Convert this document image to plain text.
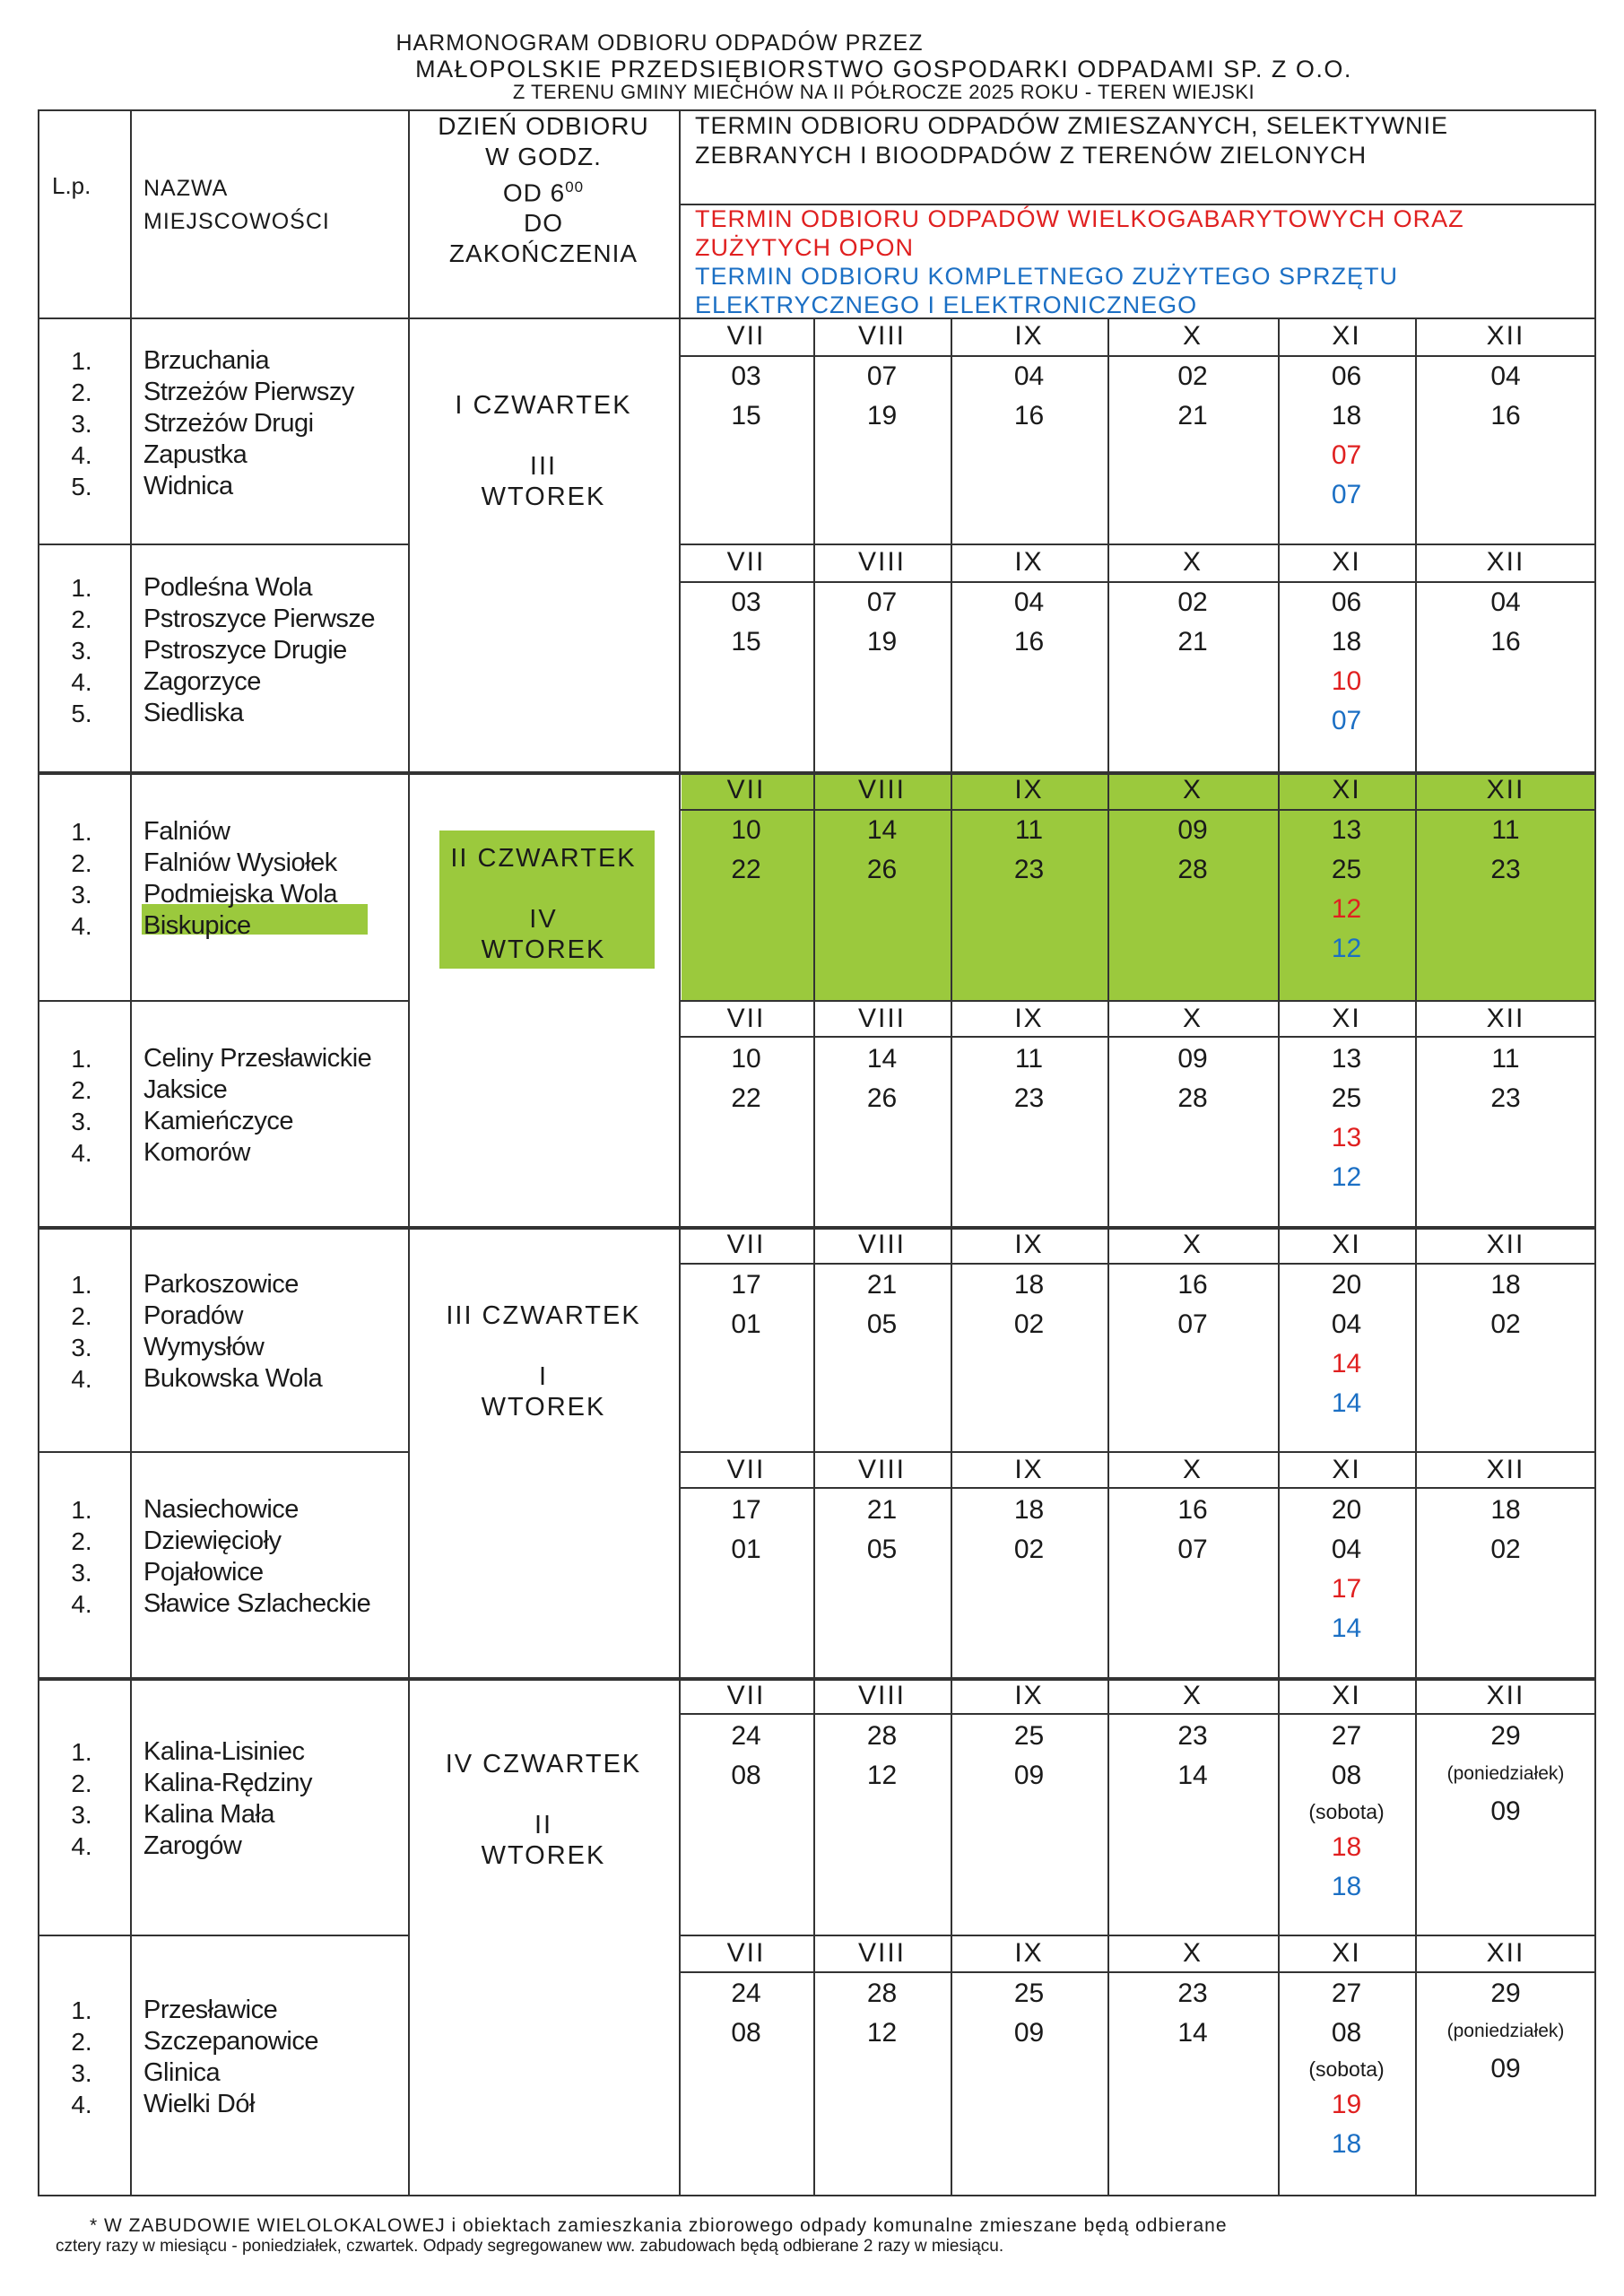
HARMONOGRAM ODBIORU ODPADÓW PRZEZ
MAŁOPOLSKIE PRZEDSIĘBIORSTWO GOSPODARKI ODPADAMI SP. Z O.O.
Z TERENU GMINY MIECHÓW NA II PÓŁROCZE 2025 ROKU - TEREN WIEJSKI
L.p. NAZWA
MIEJSCOWOŚCI
DZIEŃ ODBIORU
W GODZ.
OD $6^{00}$
DO
ZAKOŃCZENIA
TERMIN ODBIORU ODPADÓW ZMIESZANYCH, SELEKTYWNIE
ZEBRANYCH I BIOODPADÓW Z TERENÓW ZIELONYCH
TERMIN ODBIORU ODPADÓW WIELKOGABARYTOWYCH ORAZ
ZUŻYTYCH OPON
TERMIN ODBIORU KOMPLETNEGO ZUŻYTEGO SPRZĘTU
ELEKTRYCZNEGO I ELEKTRONICZNEGO
I CZWARTEK
III
WTOREK
1.
2.
3.
4.
5.
Brzuchania
Strzeżów Pierwszy
Strzeżów Drugi
Zapustka
Widnica
VII
03
15
VIII
07
19
IX
04
16
X
02
21
XI
06
18
07
07
XII
04
16
1.
2.
3.
4.
5.
Podleśna Wola
Pstroszyce Pierwsze
Pstroszyce Drugie
Zagorzyce
Siedliska
VII
03
15
VIII
07
19
IX
04
16
X
02
21
XI
06
18
10
07
XII
04
16
II CZWARTEK
IV
WTOREK
1.
2.
3.
4.
Falniów
Falniów Wysiołek
Podmiejska Wola
Biskupice
VII
10
22
VIII
14
26
IX
11
23
X
09
28
XI
13
25
12
12
XII
11
23
1.
2.
3.
4.
Celiny Przesławickie
Jaksice
Kamieńczyce
Komorów
VII
10
22
VIII
14
26
IX
11
23
X
09
28
XI
13
25
13
12
XII
11
23
III CZWARTEK
I
WTOREK
1.
2.
3.
4.
Parkoszowice
Poradów
Wymysłów
Bukowska Wola
VII
17
01
VIII
21
05
IX
18
02
X
16
07
XI
20
04
14
14
XII
18
02
1.
2.
3.
4.
Nasiechowice
Dziewięcioły
Pojałowice
Sławice Szlacheckie
VII
17
01
VIII
21
05
IX
18
02
X
16
07
XI
20
04
17
14
XII
18
02
IV CZWARTEK
II
WTOREK
1.
2.
3.
4.
Kalina-Lisiniec
Kalina-Rędziny
Kalina Mała
Zarogów
VII
24
08
VIII
28
12
IX
25
09
X
23
14
XI
27
08
(sobota)
18
18
XII
29
(poniedziałek)
09
1.
2.
3.
4.
Przesławice
Szczepanowice
Glinica
Wielki Dół
VII
24
08
VIII
28
12
IX
25
09
X
23
14
XI
27
08
(sobota)
19
18
XII
29
(poniedziałek)
09
* W ZABUDOWIE WIELOLOKALOWEJ i obiektach zamieszkania zbiorowego odpady komunalne zmieszane będą odbierane
cztery razy w miesiącu - poniedziałek, czwartek. Odpady segregowanew ww. zabudowach będą odbierane 2 razy w miesiącu.
